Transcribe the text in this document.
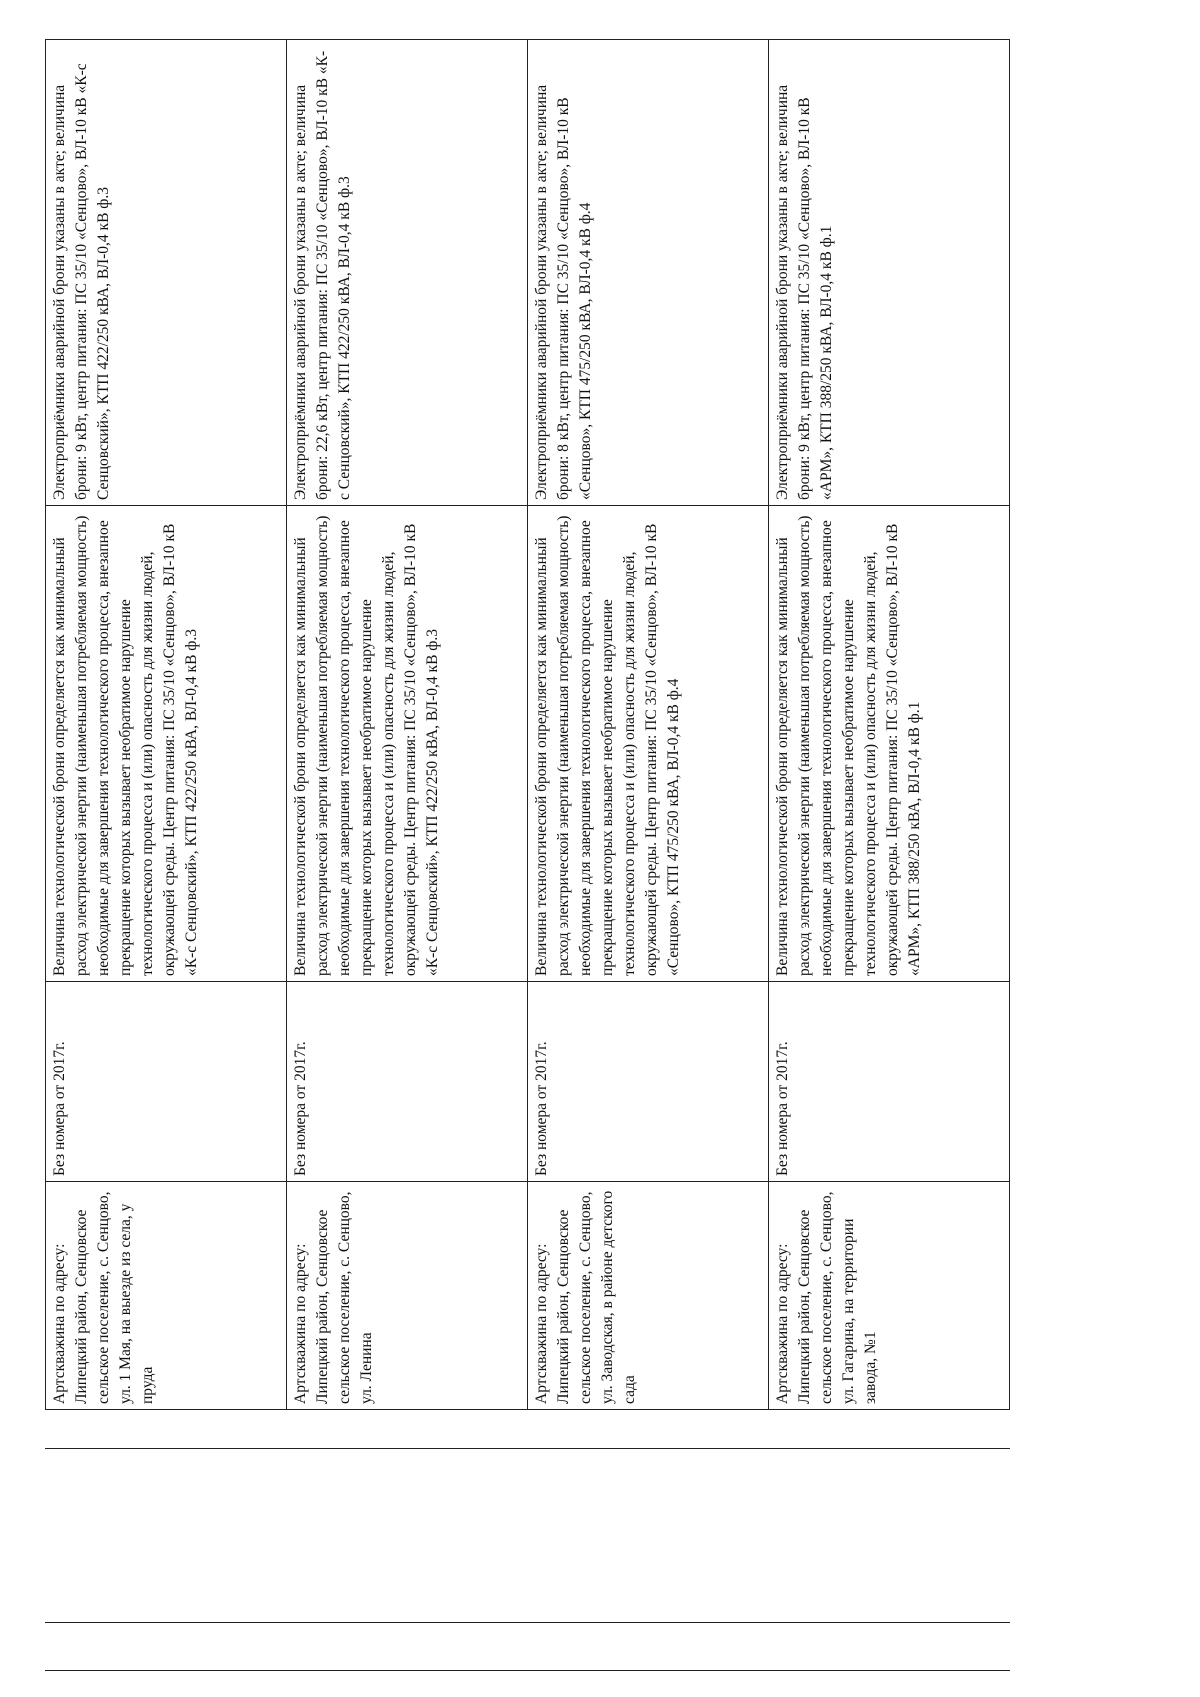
Артскважина по адресу: Липецкий район, Сенцовское сельское поселение, с. Сенцово, ул. 1 Мая, на выезде из села, у пруда	Без номера от 2017г.	Величина технологической брони определяется как минимальный расход электрической энергии (наименьшая потребляемая мощность) необходимые для завершения технологического процесса, внезапное прекращение которых вызывает необратимое нарушение технологического процесса и (или) опасность для жизни людей, окружающей среды. Центр питания: ПС 35/10 «Сенцово», ВЛ-10 кВ «К-с Сенцовский», КТП 422/250 кВА, ВЛ-0,4 кВ ф.3	Электроприёмники аварийной брони указаны в акте; величина брони: 9 кВт, центр питания: ПС 35/10 «Сенцово», ВЛ-10 кВ «К-с Сенцовский», КТП 422/250 кВА, ВЛ-0,4 кВ ф.3

Артскважина по адресу: Липецкий район, Сенцовское сельское поселение, с. Сенцово, ул. Ленина	Без номера от 2017г.	Величина технологической брони определяется как минимальный расход электрической энергии (наименьшая потребляемая мощность) необходимые для завершения технологического процесса, внезапное прекращение которых вызывает необратимое нарушение технологического процесса и (или) опасность для жизни людей, окружающей среды. Центр питания: ПС 35/10 «Сенцово», ВЛ-10 кВ «К-с Сенцовский», КТП 422/250 кВА, ВЛ-0,4 кВ ф.3	Электроприёмники аварийной брони указаны в акте; величина брони: 22,6 кВт, центр питания: ПС 35/10 «Сенцово», ВЛ-10 кВ «К-с Сенцовский», КТП 422/250 кВА, ВЛ-0,4 кВ ф.3

Артскважина по адресу: Липецкий район, Сенцовское сельское поселение, с. Сенцово, ул. Заводская, в районе детского сада	Без номера от 2017г.	Величина технологической брони определяется как минимальный расход электрической энергии (наименьшая потребляемая мощность) необходимые для завершения технологического процесса, внезапное прекращение которых вызывает необратимое нарушение технологического процесса и (или) опасность для жизни людей, окружающей среды. Центр питания: ПС 35/10 «Сенцово», ВЛ-10 кВ «Сенцово», КТП 475/250 кВА, ВЛ-0,4 кВ ф.4	Электроприёмники аварийной брони указаны в акте; величина брони: 8 кВт, центр питания: ПС 35/10 «Сенцово», ВЛ-10 кВ «Сенцово», КТП 475/250 кВА, ВЛ-0,4 кВ ф.4

Артскважина по адресу: Липецкий район, Сенцовское сельское поселение, с. Сенцово, ул. Гагарина, на территории завода, №1	Без номера от 2017г.	Величина технологической брони определяется как минимальный расход электрической энергии (наименьшая потребляемая мощность) необходимые для завершения технологического процесса, внезапное прекращение которых вызывает необратимое нарушение технологического процесса и (или) опасность для жизни людей, окружающей среды. Центр питания: ПС 35/10 «Сенцово», ВЛ-10 кВ «АРМ», КТП 388/250 кВА, ВЛ-0,4 кВ ф.1	Электроприёмники аварийной брони указаны в акте; величина брони: 9 кВт, центр питания: ПС 35/10 «Сенцово», ВЛ-10 кВ «АРМ», КТП 388/250 кВА, ВЛ-0,4 кВ ф.1
